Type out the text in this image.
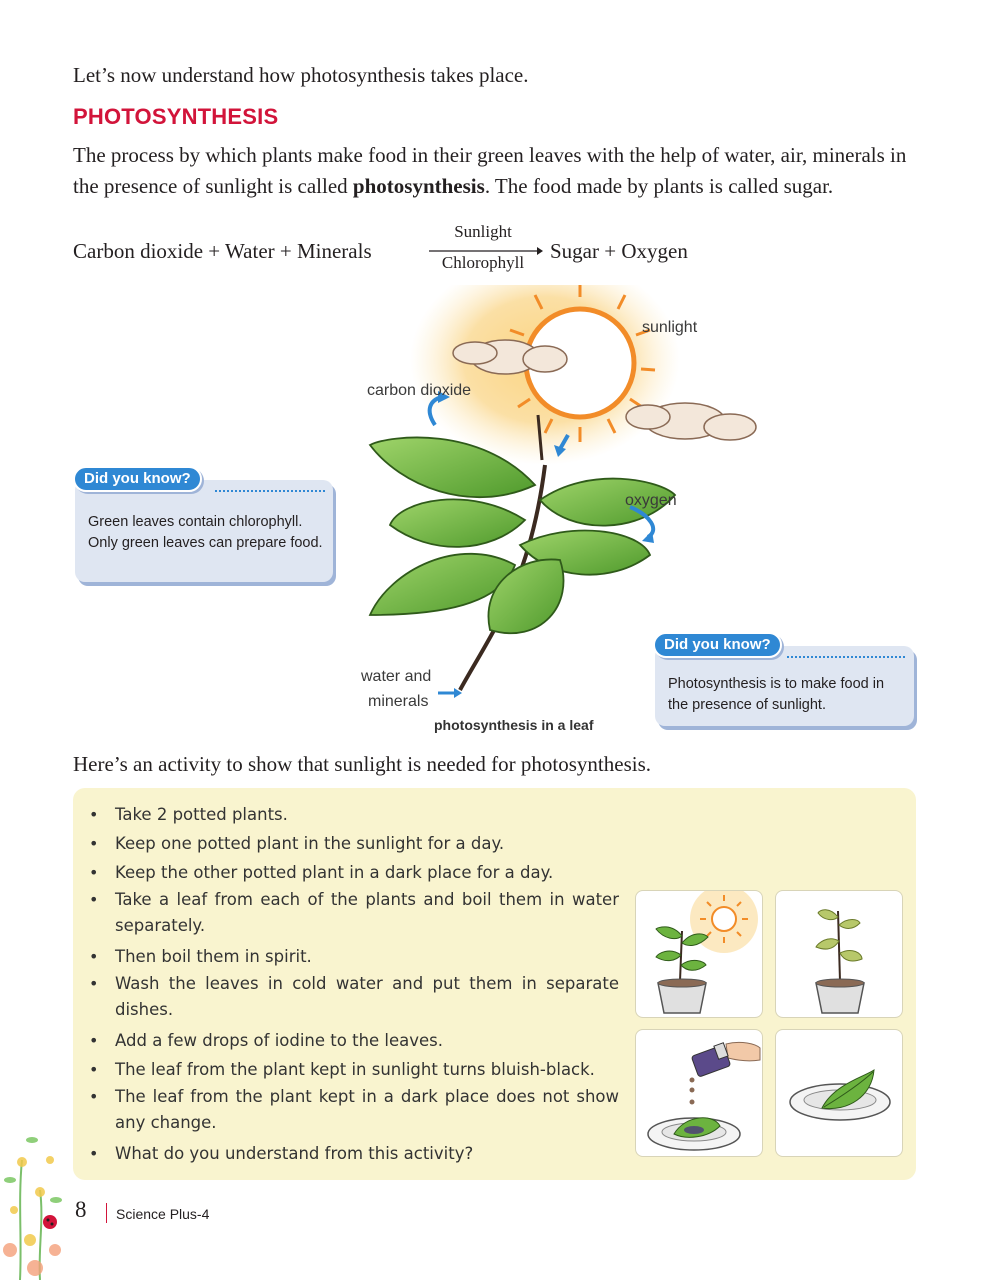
Let’s now understand how photosynthesis takes place.
PHOTOSYNTHESIS

The process by which plants make food in their green leaves with the help of water, air, minerals in the presence of sunlight is called photosynthesis. The food made by plants is called sugar.

Carbon dioxide + Water + Minerals
Sunlight
Chlorophyll	Sugar + Oxygen
sunlight
carbon dioxide
oxygen
water and
minerals
photosynthesis in a leaf
Did you know?
Green leaves contain chlorophyll. Only green leaves can prepare food.
Did you know?
Photosynthesis is to make food in the presence of sunlight.
Here’s an activity to show that sunlight is needed for photosynthesis.
• Take 2 potted plants.
• Keep one potted plant in the sunlight for a day.
• Keep the other potted plant in a dark place for a day.
• Take a leaf from each of the plants and boil them in water separately.
• Then boil them in spirit.
• Wash the leaves in cold water and put them in separate dishes.
• Add a few drops of iodine to the leaves.
• The leaf from the plant kept in sunlight turns bluish-black.
• The leaf from the plant kept in a dark place does not show any change.
• What do you understand from this activity?
8 Science Plus-4
